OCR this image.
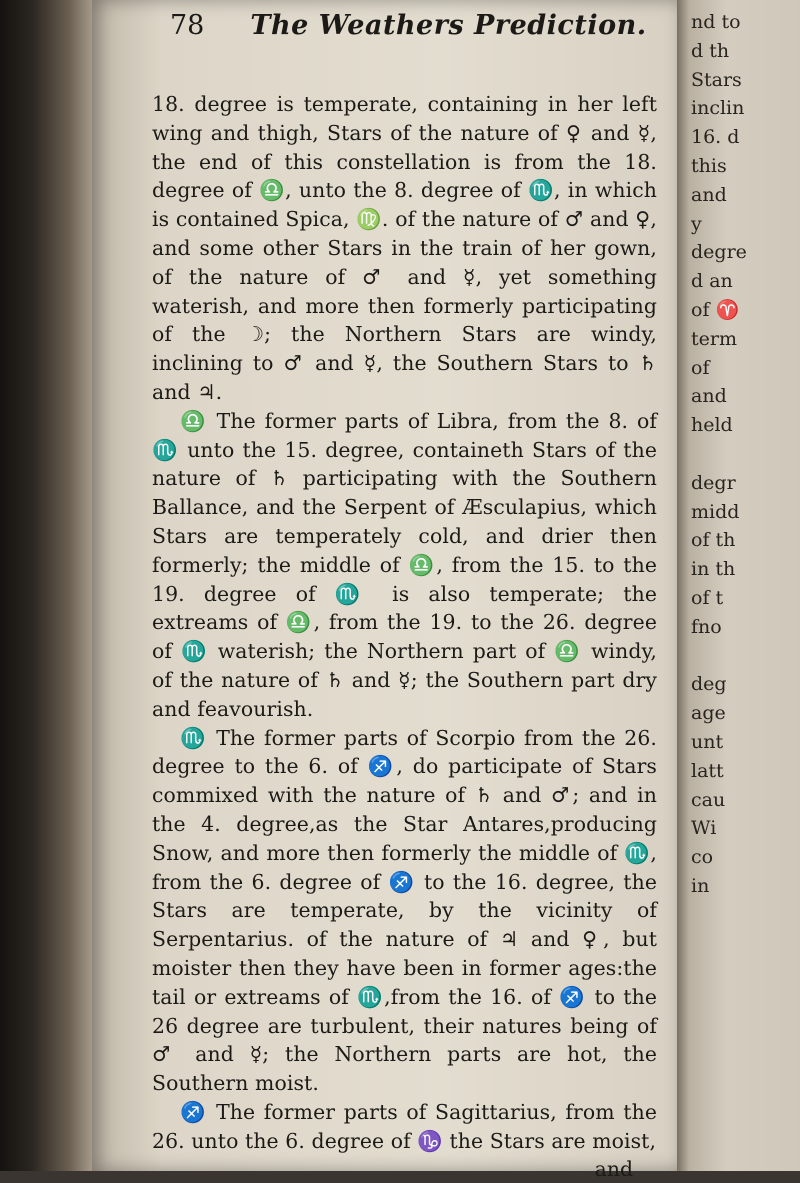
78 The Weathers Prediction.

18. degree is temperate, containing in her left wing and thigh, Stars of the nature of ♀ and ☿, the end of this constellation is from the 18. degree of ♎, unto the 8. degree of ♏, in which is contained Spica, ♍. of the nature of ♂ and ♀, and some other Stars in the train of her gown, of the nature of ♂ and ☿, yet something waterish, and more then formerly participating of the ☽; the Northern Stars are windy, inclining to ♂ and ☿, the Southern Stars to ♄ and ♃.

♎ The former parts of Libra, from the 8. of ♏ unto the 15. degree, containeth Stars of the nature of ♄ participating with the Southern Ballance, and the Serpent of Æsculapius, which Stars are temperately cold, and drier then formerly; the middle of ♎, from the 15. to the 19. degree of ♏ is also temperate; the extreams of ♎, from the 19. to the 26. degree of ♏ waterish; the Northern part of ♎ windy, of the nature of ♄ and ☿; the Southern part dry and feavourish.

♏ The former parts of Scorpio from the 26. degree to the 6. of ♐, do participate of Stars commixed with the nature of ♄ and ♂; and in the 4. degree,as the Star Antares,producing Snow, and more then formerly the middle of ♏, from the 6. degree of ♐ to the 16. degree, the Stars are temperate, by the vicinity of Serpentarius. of the nature of ♃ and ♀, but moister then they have been in former ages:the tail or extreams of ♏,from the 16. of ♐ to the 26 degree are turbulent, their natures being of ♂ and ☿; the Northern parts are hot, the Southern moist.

♐ The former parts of Sagittarius, from the 26. unto the 6. degree of ♑ the Stars are moist,

and
nd to
d th
Stars
inclin
16. d
this
and
y
degre
d an
of ♈
term
of
and
held
degr
midd
of th
in th
of t
fno
deg
age
unt
latt
cau
Wi
co
in
